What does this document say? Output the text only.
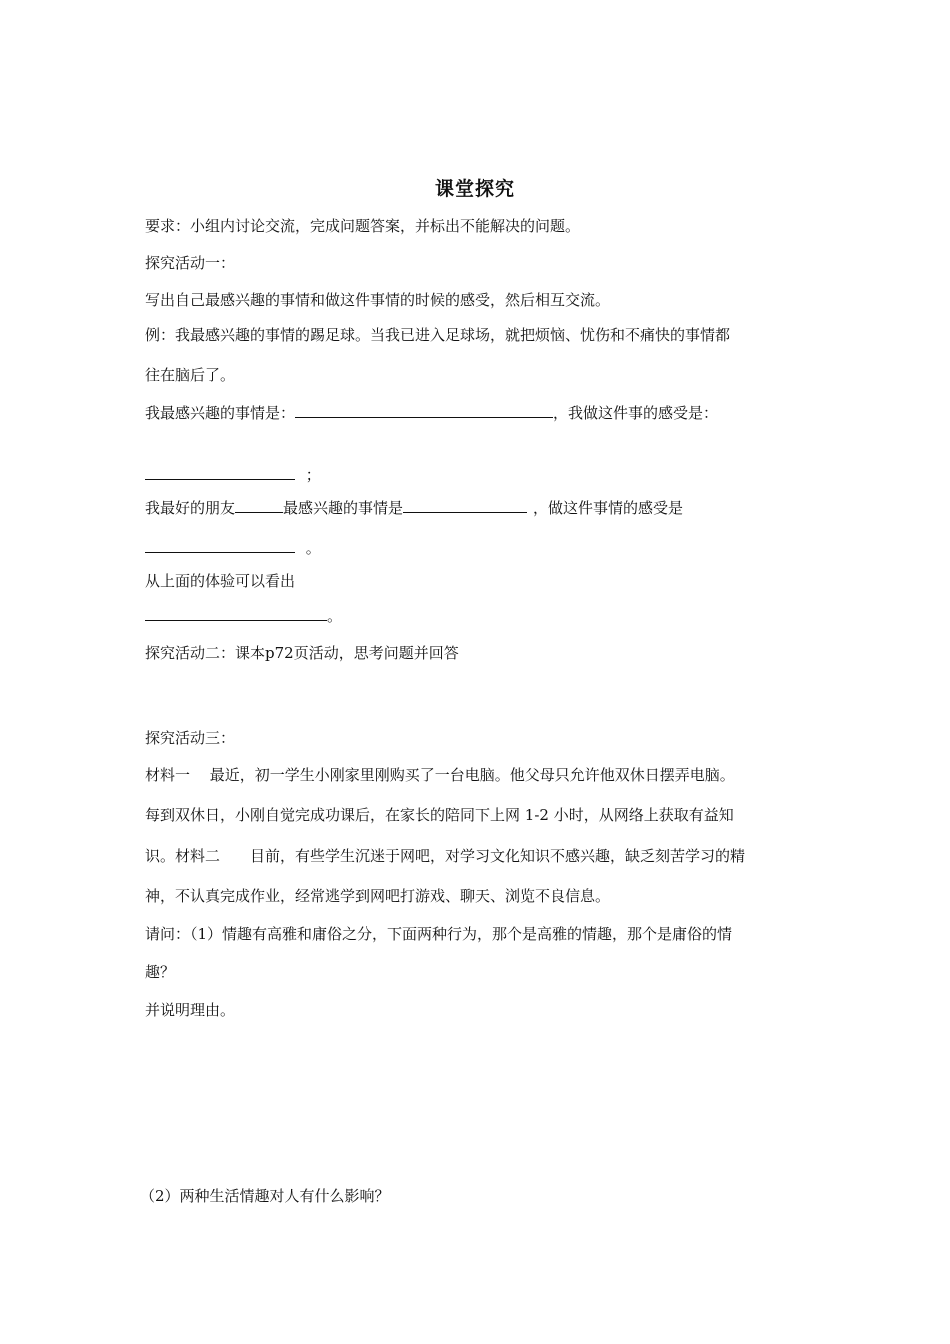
课堂探究
要求：小组内讨论交流，完成问题答案，并标出不能解决的问题。
探究活动一：
写出自己最感兴趣的事情和做这件事情的时候的感受，然后相互交流。
例：我最感兴趣的事情的踢足球。当我已进入足球场，就把烦恼、忧伤和不痛快的事情都
往在脑后了。
我最感兴趣的事情是：	，我做这件事的感受是：
；
我最好的朋友	最感兴趣的事情是	，做这件事情的感受是
。
从上面的体验可以看出
。
探究活动二：课本p72页活动，思考问题并回答
探究活动三：
材料一　 最近，初一学生小刚家里刚购买了一台电脑。他父母只允许他双休日摆弄电脑。
每到双休日，小刚自觉完成功课后，在家长的陪同下上网 1-2 小时，从网络上获取有益知
识。材料二　　目前，有些学生沉迷于网吧，对学习文化知识不感兴趣，缺乏刻苦学习的精
神，不认真完成作业，经常逃学到网吧打游戏、聊天、浏览不良信息。
请问：（1）情趣有高雅和庸俗之分，下面两种行为，那个是高雅的情趣，那个是庸俗的情
趣？
并说明理由。
（2）两种生活情趣对人有什么影响？
